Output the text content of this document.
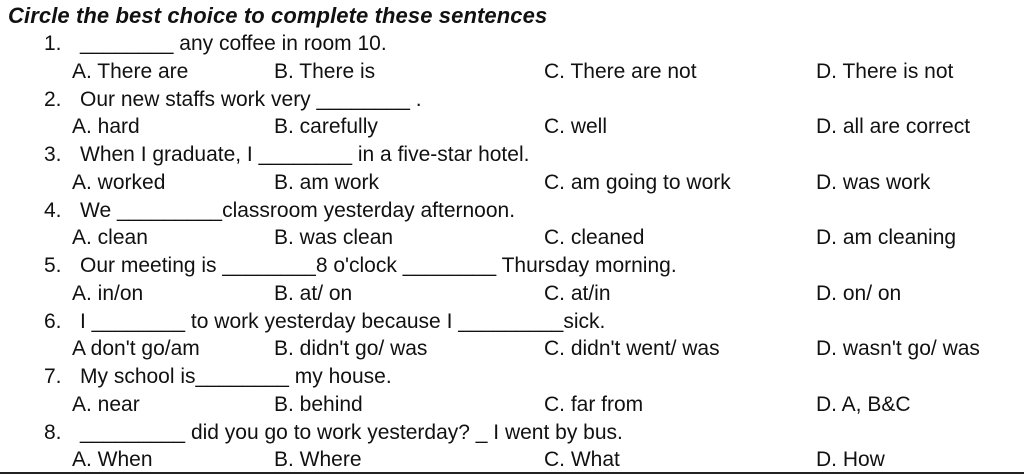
Circle the best choice to complete these sentences
1. ________ any coffee in room 10.
A. There are	B. There is	C. There are not	D. There is not
2. Our new staffs work very ________ .
A. hard	B. carefully	C. well	D. all are correct
3. When I graduate, I ________ in a five-star hotel.
A. worked	B. am work	C. am going to work	D. was work
4. We _________classroom yesterday afternoon.
A. clean	B. was clean	C. cleaned	D. am cleaning
5. Our meeting is ________8 o'clock ________ Thursday morning.
A. in/on	B. at/ on	C. at/in	D. on/ on
6. I ________ to work yesterday because I _________sick.
A don't go/am	B. didn't go/ was	C. didn't went/ was	D. wasn't go/ was
7. My school is________ my house.
A. near	B. behind	C. far from	D. A, B&C
8. _________ did you go to work yesterday? _ I went by bus.
A. When	B. Where	C. What	D. How
